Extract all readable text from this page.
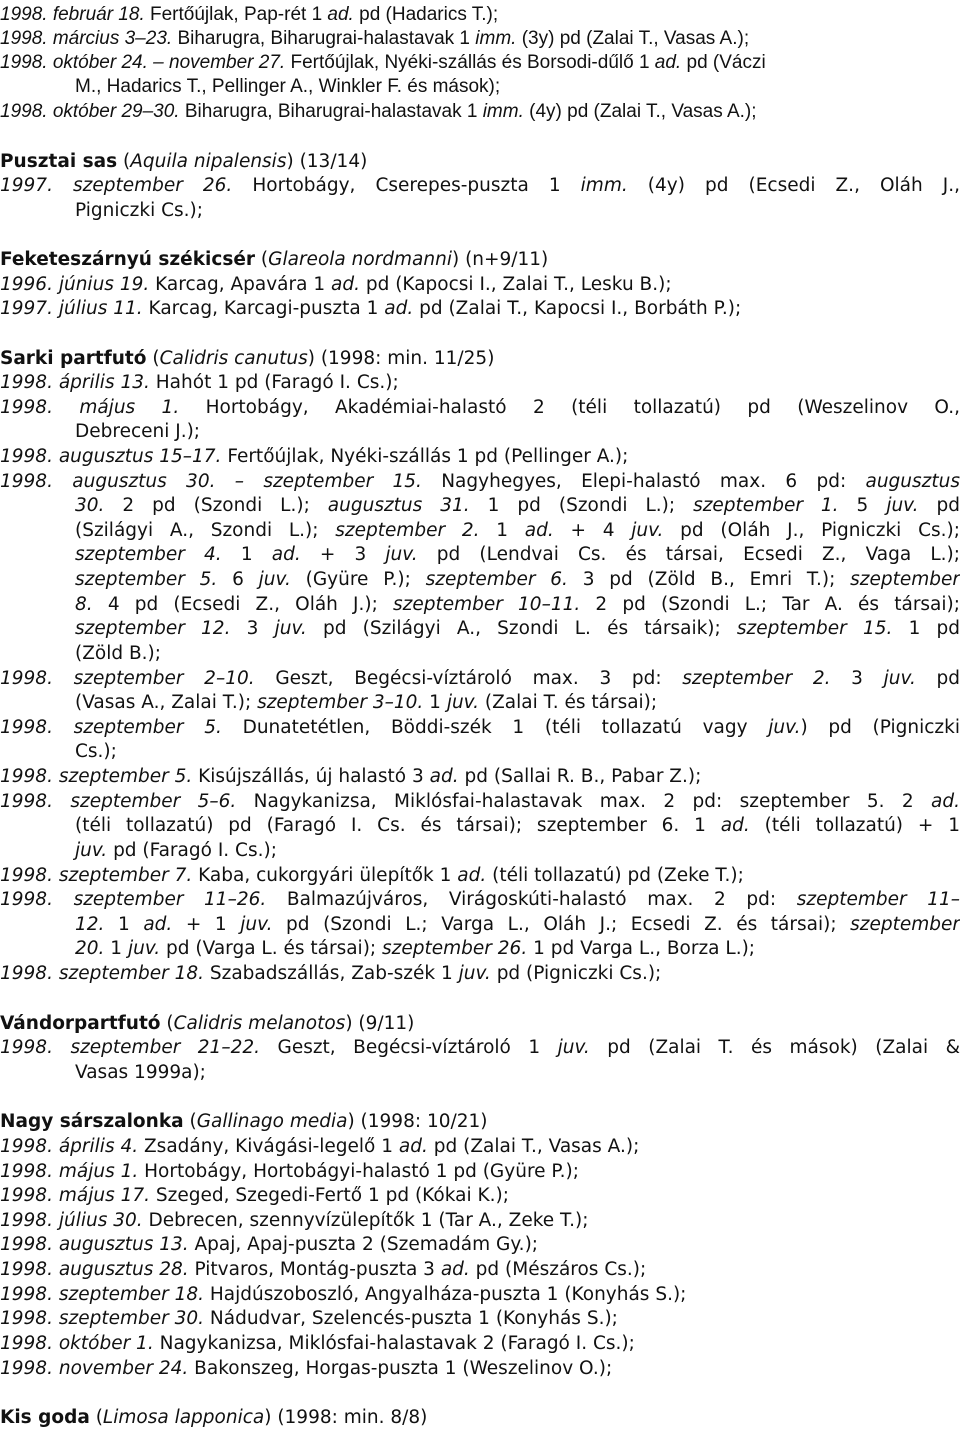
1998. február 18. Fertőújlak, Pap-rét 1 ad. pd (Hadarics T.);
1998. március 3–23. Biharugra, Biharugrai-halastavak 1 imm. (3y) pd (Zalai T., Vasas A.);
1998. október 24. – november 27. Fertőújlak, Nyéki-szállás és Borsodi-dűlő 1 ad. pd (Váczi
M., Hadarics T., Pellinger A., Winkler F. és mások);
1998. október 29–30. Biharugra, Biharugrai-halastavak 1 imm. (4y) pd (Zalai T., Vasas A.);
Pusztai sas (Aquila nipalensis) (13/14)
1997. szeptember 26. Hortobágy, Cserepes-puszta 1 imm. (4y) pd (Ecsedi Z., Oláh J.,
Pigniczki Cs.);
Feketeszárnyú székicsér (Glareola nordmanni) (n+9/11)
1996. június 19. Karcag, Apavára 1 ad. pd (Kapocsi I., Zalai T., Lesku B.);
1997. július 11. Karcag, Karcagi-puszta 1 ad. pd (Zalai T., Kapocsi I., Borbáth P.);
Sarki partfutó (Calidris canutus) (1998: min. 11/25)
1998. április 13. Hahót 1 pd (Faragó I. Cs.);
1998. május 1. Hortobágy, Akadémiai-halastó 2 (téli tollazatú) pd (Weszelinov O.,
Debreceni J.);
1998. augusztus 15–17. Fertőújlak, Nyéki-szállás 1 pd (Pellinger A.);
1998. augusztus 30. – szeptember 15. Nagyhegyes, Elepi-halastó max. 6 pd: augusztus
30. 2 pd (Szondi L.); augusztus 31. 1 pd (Szondi L.); szeptember 1. 5 juv. pd
(Szilágyi A., Szondi L.); szeptember 2. 1 ad. + 4 juv. pd (Oláh J., Pigniczki Cs.);
szeptember 4. 1 ad. + 3 juv. pd (Lendvai Cs. és társai, Ecsedi Z., Vaga L.);
szeptember 5. 6 juv. (Gyüre P.); szeptember 6. 3 pd (Zöld B., Emri T.); szeptember
8. 4 pd (Ecsedi Z., Oláh J.); szeptember 10–11. 2 pd (Szondi L.; Tar A. és társai);
szeptember 12. 3 juv. pd (Szilágyi A., Szondi L. és társaik); szeptember 15. 1 pd
(Zöld B.);
1998. szeptember 2–10. Geszt, Begécsi-víztároló max. 3 pd: szeptember 2. 3 juv. pd
(Vasas A., Zalai T.); szeptember 3–10. 1 juv. (Zalai T. és társai);
1998. szeptember 5. Dunatetétlen, Böddi-szék 1 (téli tollazatú vagy juv.) pd (Pigniczki
Cs.);
1998. szeptember 5. Kisújszállás, új halastó 3 ad. pd (Sallai R. B., Pabar Z.);
1998. szeptember 5–6. Nagykanizsa, Miklósfai-halastavak max. 2 pd: szeptember 5. 2 ad.
(téli tollazatú) pd (Faragó I. Cs. és társai); szeptember 6. 1 ad. (téli tollazatú) + 1
juv. pd (Faragó I. Cs.);
1998. szeptember 7. Kaba, cukorgyári ülepítők 1 ad. (téli tollazatú) pd (Zeke T.);
1998. szeptember 11–26. Balmazújváros, Virágoskúti-halastó max. 2 pd: szeptember 11–
12. 1 ad. + 1 juv. pd (Szondi L.; Varga L., Oláh J.; Ecsedi Z. és társai); szeptember
20. 1 juv. pd (Varga L. és társai); szeptember 26. 1 pd Varga L., Borza L.);
1998. szeptember 18. Szabadszállás, Zab-szék 1 juv. pd (Pigniczki Cs.);
Vándorpartfutó (Calidris melanotos) (9/11)
1998. szeptember 21–22. Geszt, Begécsi-víztároló 1 juv. pd (Zalai T. és mások) (Zalai &
Vasas 1999a);
Nagy sárszalonka (Gallinago media) (1998: 10/21)
1998. április 4. Zsadány, Kivágási-legelő 1 ad. pd (Zalai T., Vasas A.);
1998. május 1. Hortobágy, Hortobágyi-halastó 1 pd (Gyüre P.);
1998. május 17. Szeged, Szegedi-Fertő 1 pd (Kókai K.);
1998. július 30. Debrecen, szennyvízülepítők 1 (Tar A., Zeke T.);
1998. augusztus 13. Apaj, Apaj-puszta 2 (Szemadám Gy.);
1998. augusztus 28. Pitvaros, Montág-puszta 3 ad. pd (Mészáros Cs.);
1998. szeptember 18. Hajdúszoboszló, Angyalháza-puszta 1 (Konyhás S.);
1998. szeptember 30. Nádudvar, Szelencés-puszta 1 (Konyhás S.);
1998. október 1. Nagykanizsa, Miklósfai-halastavak 2 (Faragó I. Cs.);
1998. november 24. Bakonszeg, Horgas-puszta 1 (Weszelinov O.);
Kis goda (Limosa lapponica) (1998: min. 8/8)
